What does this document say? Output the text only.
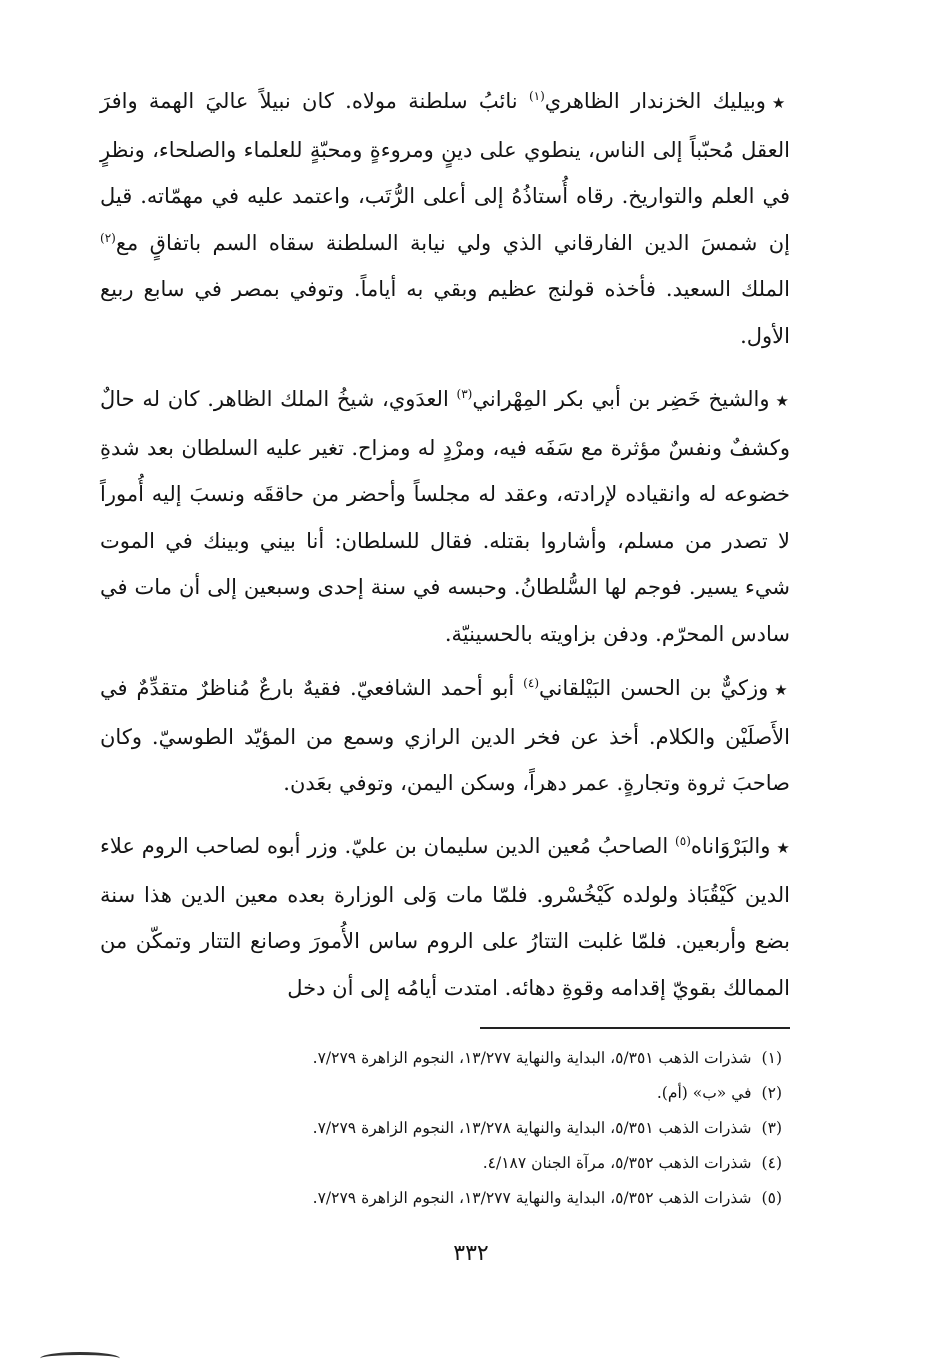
★وبيليك الخزندار الظاهري$^{(١)}$ نائبُ سلطنة مولاه. كان نبيلاً عاليَ الهمة وافرَ العقل مُحبّباً إلى الناس، ينطوي على دينٍ ومروءةٍ ومحبّةٍ للعلماء والصلحاء، ونظرٍ في العلم والتواريخ. رقاه أُستاذُهُ إلى أعلى الرُّتَب، واعتمد عليه في مهمّاته. قيل إن شمسَ الدين الفارقاني الذي ولي نيابة السلطنة سقاه السم باتفاقٍ مع$^{(٢)}$ الملك السعيد. فأخذه قولنج عظيم وبقي به أياماً. وتوفي بمصر في سابع ربيع الأول.

★والشيخ خَضِر بن أبي بكر المِهْراني$^{(٣)}$ العدَوي، شيخُ الملك الظاهر. كان له حالٌ وكشفٌ ونفسٌ مؤثرة مع سَفَه فيه، ومرْدٍ له ومزاح. تغير عليه السلطان بعد شدةِ خضوعه له وانقياده لإرادته، وعقد له مجلساً وأحضر من حاققَه ونسبَ إليه أُموراً لا تصدر من مسلم، وأشاروا بقتله. فقال للسلطان: أنا بيني وبينك في الموت شيء يسير. فوجم لها السُّلطانُ. وحبسه في سنة إحدى وسبعين إلى أن مات في سادس المحرّم. ودفن بزاويته بالحسينيّة.

★وزكيٌّ بن الحسن البَيْلقاني$^{(٤)}$ أبو أحمد الشافعيّ. فقيهٌ بارعٌ مُناظرٌ متقدِّمٌ في الأَصلَيْن والكلام. أخذ عن فخر الدين الرازي وسمع من المؤيّد الطوسيّ. وكان صاحبَ ثروة وتجارةٍ. عمر دهراً، وسكن اليمن، وتوفي بعَدن.

★والبَرْوَاناه$^{(٥)}$ الصاحبُ مُعين الدين سليمان بن عليّ. وزر أبوه لصاحب الروم علاء الدين كَيْقُبَاذ ولولده كَيْخُسْرو. فلمّا مات وَلى الوزارة بعده معين الدين هذا سنة بضع وأربعين. فلمّا غلبت التتارُ على الروم ساس الأُمورَ وصانع التتار وتمكّن من الممالك بقويّ إقدامه وقوةِ دهائه. امتدت أيامُه إلى أن دخل

(١)شذرات الذهب ٥/٣٥١، البداية والنهاية ١٣/٢٧٧، النجوم الزاهرة ٧/٢٧٩.
(٢)في «ب» (أم).
(٣)شذرات الذهب ٥/٣٥١، البداية والنهاية ١٣/٢٧٨، النجوم الزاهرة ٧/٢٧٩.
(٤)شذرات الذهب ٥/٣٥٢، مرآة الجنان ٤/١٨٧.
(٥)شذرات الذهب ٥/٣٥٢، البداية والنهاية ١٣/٢٧٧، النجوم الزاهرة ٧/٢٧٩.
٣٣٢
